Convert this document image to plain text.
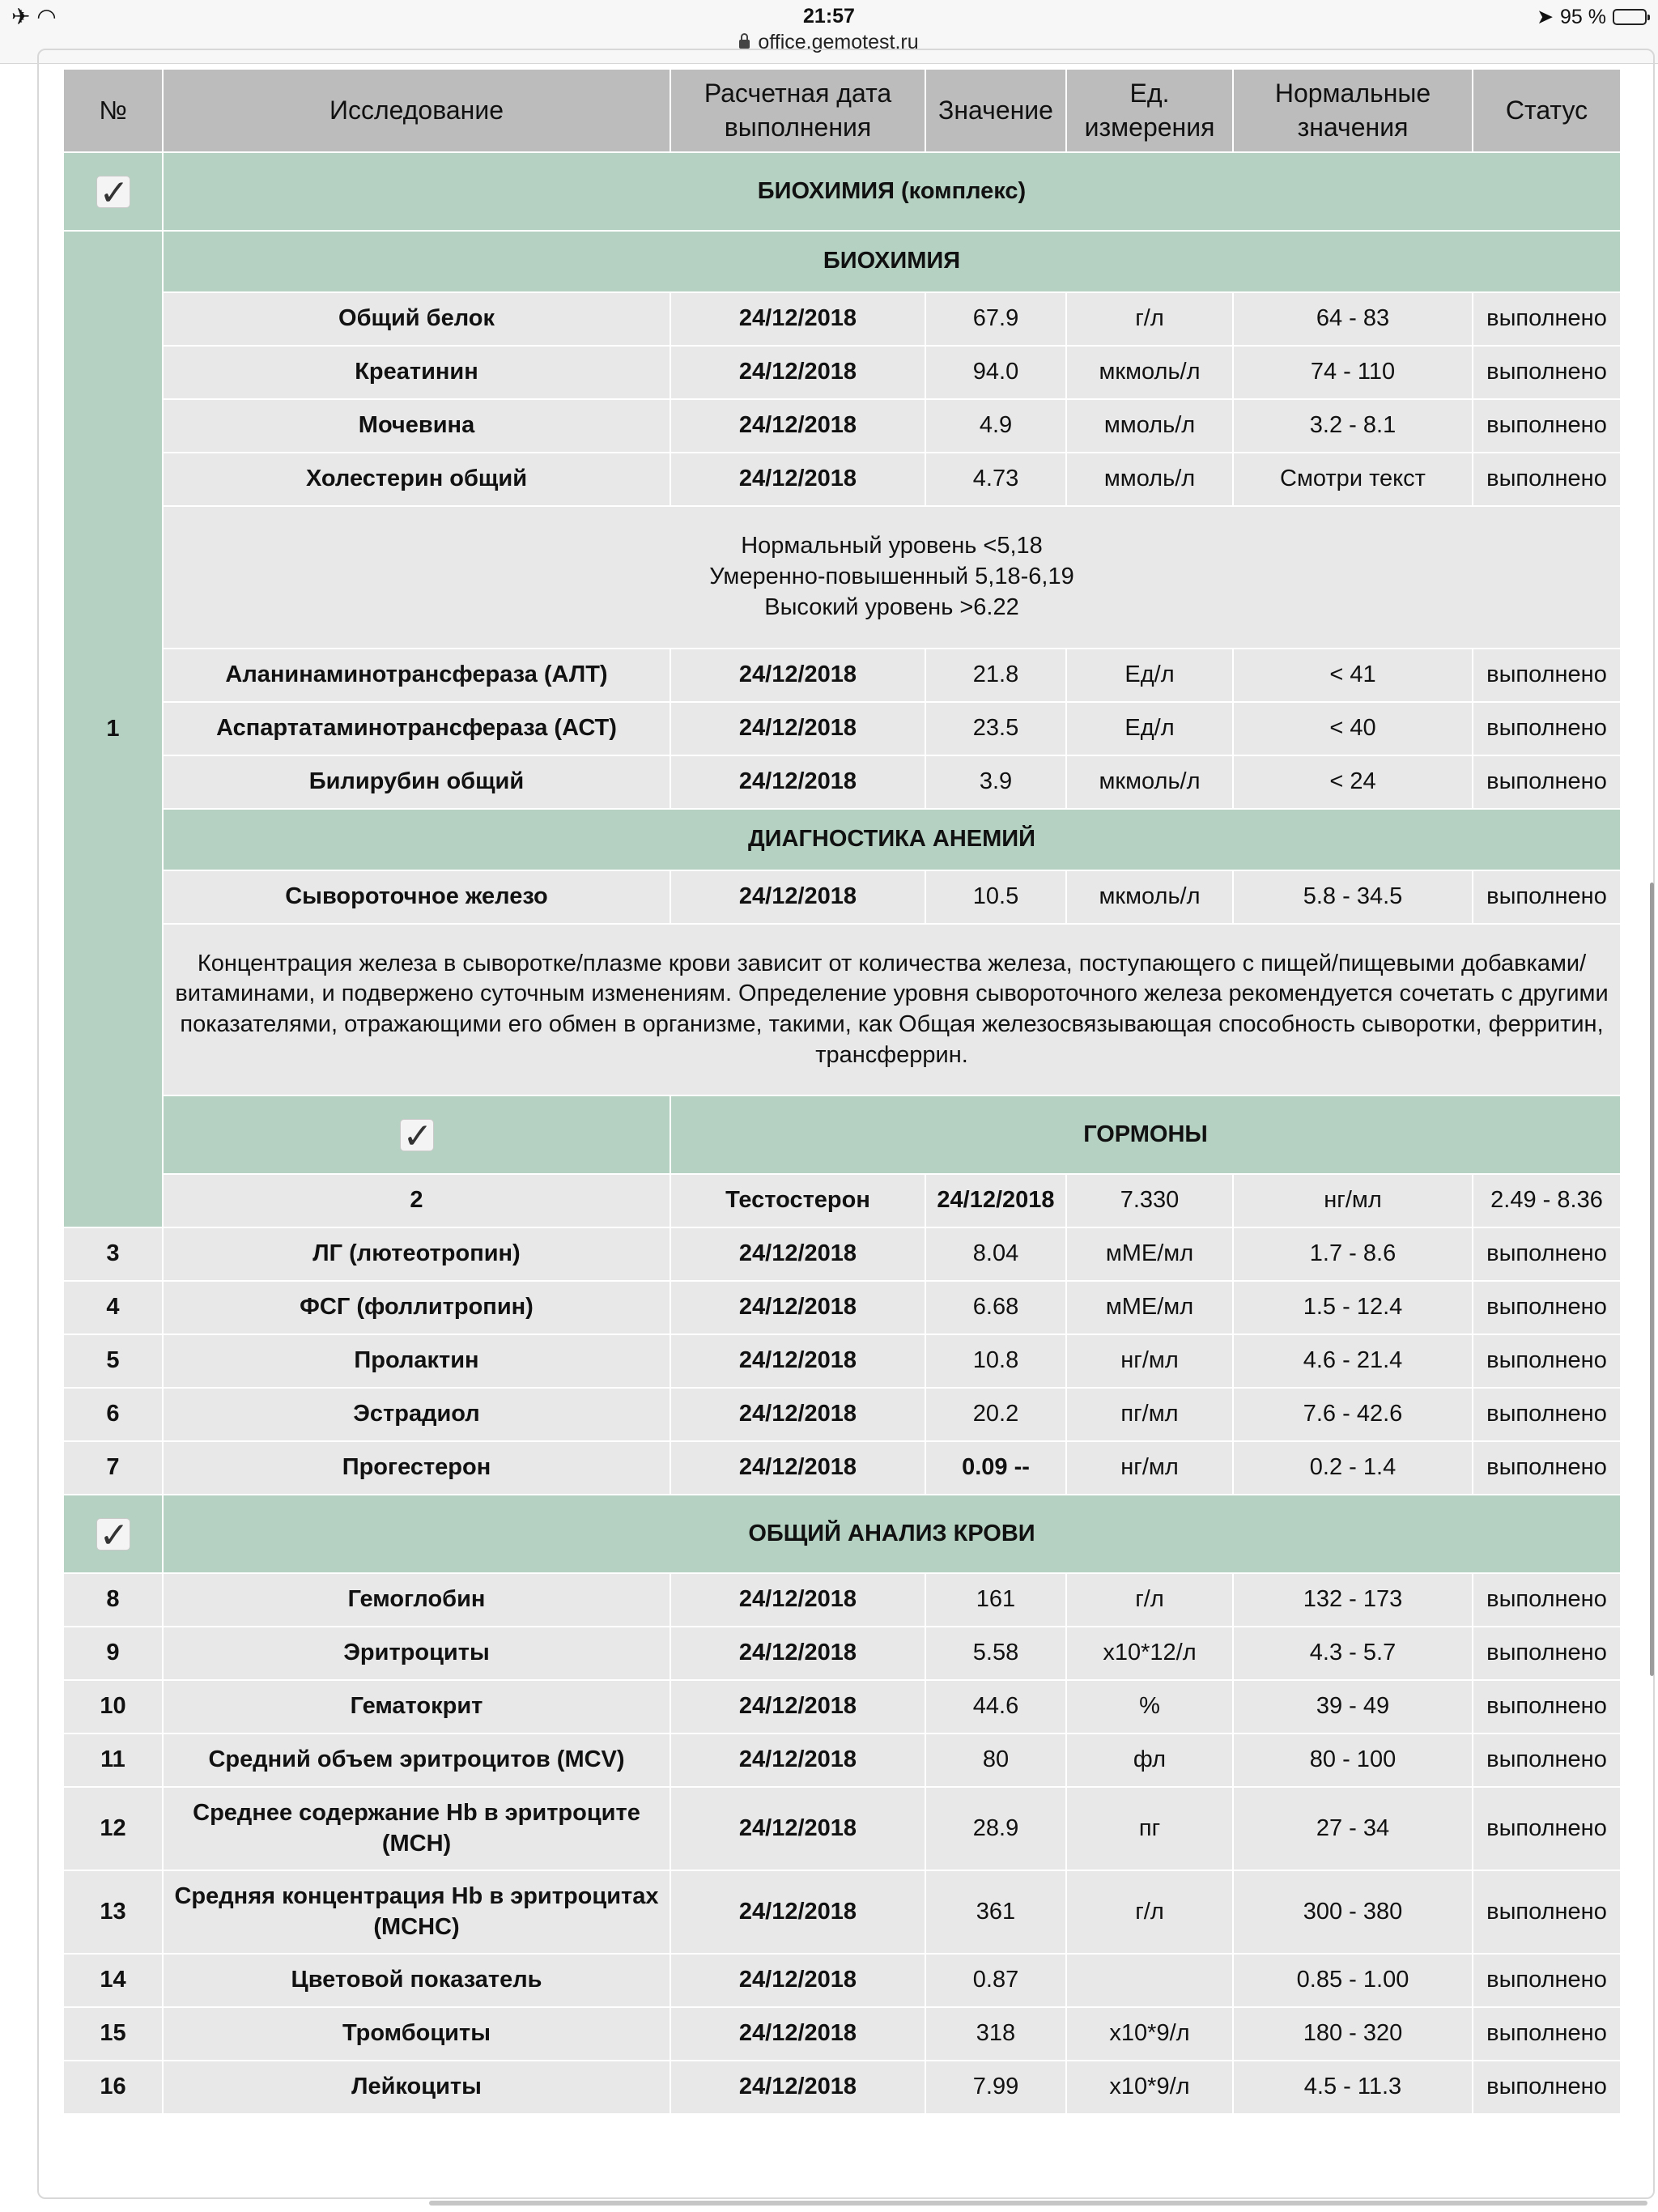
✈ ◠	21:57
office.gemotest.ru
➤ 95 %
№	Исследование	Расчетная дата выполнения	Значение	Ед. измерения	Нормальные значения	Статус	
✓	БИОХИМИЯ (комплекс)						
1	БИОХИМИЯ						
	Общий белок	24/12/2018	67.9	г/л	64 - 83	выполнено	
	Креатинин	24/12/2018	94.0	мкмоль/л	74 - 110	выполнено	
	Мочевина	24/12/2018	4.9	ммоль/л	3.2 - 8.1	выполнено	
	Холестерин общий	24/12/2018	4.73	ммоль/л	Смотри текст	выполнено	

	Нормальный уровень <5,18
Умеренно-повышенный 5,18-6,19
Высокий уровень >6.22						

	Аланинаминотрансфераза (АЛТ)	24/12/2018	21.8	Ед/л	< 41	выполнено	
	Аспартатаминотрансфераза (АСТ)	24/12/2018	23.5	Ед/л	< 40	выполнено	
	Билирубин общий	24/12/2018	3.9	мкмоль/л	< 24	выполнено	
	ДИАГНОСТИКА АНЕМИЙ						
	Сывороточное железо	24/12/2018	10.5	мкмоль/л	5.8 - 34.5	выполнено	
	Концентрация железа в сыворотке/плазме крови зависит от количества железа, поступающего с пищей/пищевыми добавками/витаминами, и подвержено суточным изменениям. Определение уровня сывороточного железа рекомендуется сочетать с другими показателями, отражающими его обмен в организме, такими, как Общая железосвязывающая способность сыворотки, ферритин, трансферрин.						
✓	ГОРМОНЫ					
	2	Тестостерон	24/12/2018	7.330	нг/мл	2.49 - 8.36	
3	ЛГ (лютеотропин)	24/12/2018	8.04	мМЕ/мл	1.7 - 8.6	выполнено	
4	ФСГ (фоллитропин)	24/12/2018	6.68	мМЕ/мл	1.5 - 12.4	выполнено	
5	Пролактин	24/12/2018	10.8	нг/мл	4.6 - 21.4	выполнено	
6	Эстрадиол	24/12/2018	20.2	пг/мл	7.6 - 42.6	выполнено	
7	Прогестерон	24/12/2018	0.09 --	нг/мл	0.2 - 1.4	выполнено	
✓	ОБЩИЙ АНАЛИЗ КРОВИ						
8	Гемоглобин	24/12/2018	161	г/л	132 - 173	выполнено	
9	Эритроциты	24/12/2018	5.58	х10*12/л	4.3 - 5.7	выполнено	
10	Гематокрит	24/12/2018	44.6	%	39 - 49	выполнено	
11	Средний объем эритроцитов (MCV)	24/12/2018	80	фл	80 - 100	выполнено	
12	Среднее содержание Hb в эритроците (MCH)	24/12/2018	28.9	пг	27 - 34	выполнено	
13	Средняя концентрация Hb в эритроцитах (MCHC)	24/12/2018	361	г/л	300 - 380	выполнено	
14	Цветовой показатель	24/12/2018	0.87		0.85 - 1.00	выполнено	
15	Тромбоциты	24/12/2018	318	х10*9/л	180 - 320	выполнено	
16	Лейкоциты	24/12/2018	7.99	х10*9/л	4.5 - 11.3	выполнено	
